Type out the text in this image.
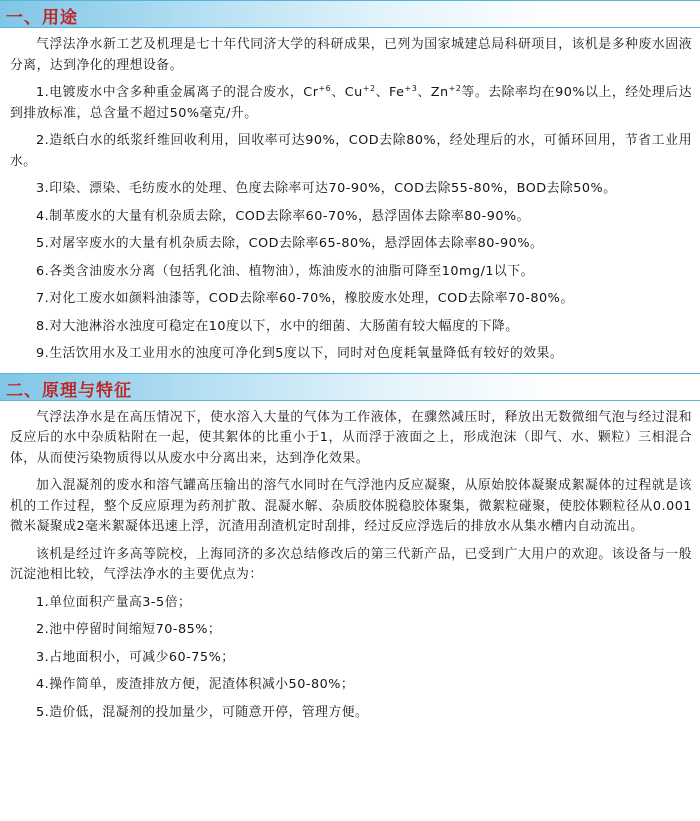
一、用途

气浮法净水新工艺及机理是七十年代同济大学的科研成果，已列为国家城建总局科研项目，该机是多种废水固液分离，达到净化的理想设备。

1.电镀废水中含多种重金属离子的混合废水，$Cr^{+6}$、$Cu^{+2}$、$Fe^{+3}$、$Zn^{+2}$等。去除率均在90%以上，经处理后达到排放标准，总含量不超过50%毫克/升。

2.造纸白水的纸浆纤维回收利用，回收率可达90%，COD去除80%，经处理后的水，可循环回用，节省工业用水。

3.印染、漂染、毛纺废水的处理、色度去除率可达70-90%，COD去除55-80%，BOD去除50%。

4.制革废水的大量有机杂质去除，COD去除率60-70%，悬浮固体去除率80-90%。

5.对屠宰废水的大量有机杂质去除，COD去除率65-80%，悬浮固体去除率80-90%。

6.各类含油废水分离（包括乳化油、植物油），炼油废水的油脂可降至10mg/1以下。

7.对化工废水如颜料油漆等，COD去除率60-70%，橡胶废水处理，COD去除率70-80%。

8.对大池淋浴水浊度可稳定在10度以下，水中的细菌、大肠菌有较大幅度的下降。

9.生活饮用水及工业用水的浊度可净化到5度以下，同时对色度耗氧量降低有较好的效果。

二、原理与特征

气浮法净水是在高压情况下，使水溶入大量的气体为工作液体，在骤然减压时，释放出无数微细气泡与经过混和反应后的水中杂质粘附在一起，使其絮体的比重小于1，从而浮于液面之上，形成泡沫（即气、水、颗粒）三相混合体，从而使污染物质得以从废水中分离出来，达到净化效果。

加入混凝剂的废水和溶气罐高压输出的溶气水同时在气浮池内反应凝聚，从原始胶体凝聚成絮凝体的过程就是该机的工作过程，整个反应原理为药剂扩散、混凝水解、杂质胶体脱稳胶体聚集，微絮粒碰聚，使胶体颗粒径从0.001微米凝聚成2毫米絮凝体迅速上浮，沉渣用刮渣机定时刮排，经过反应浮选后的排放水从集水槽内自动流出。

该机是经过许多高等院校，上海同济的多次总结修改后的第三代新产品，已受到广大用户的欢迎。该设备与一般沉淀池相比较，气浮法净水的主要优点为：

1.单位面积产量高3-5倍；

2.池中停留时间缩短70-85%；

3.占地面积小，可减少60-75%；

4.操作简单，废渣排放方便，泥渣体积减小50-80%；

5.造价低，混凝剂的投加量少，可随意开停，管理方便。
